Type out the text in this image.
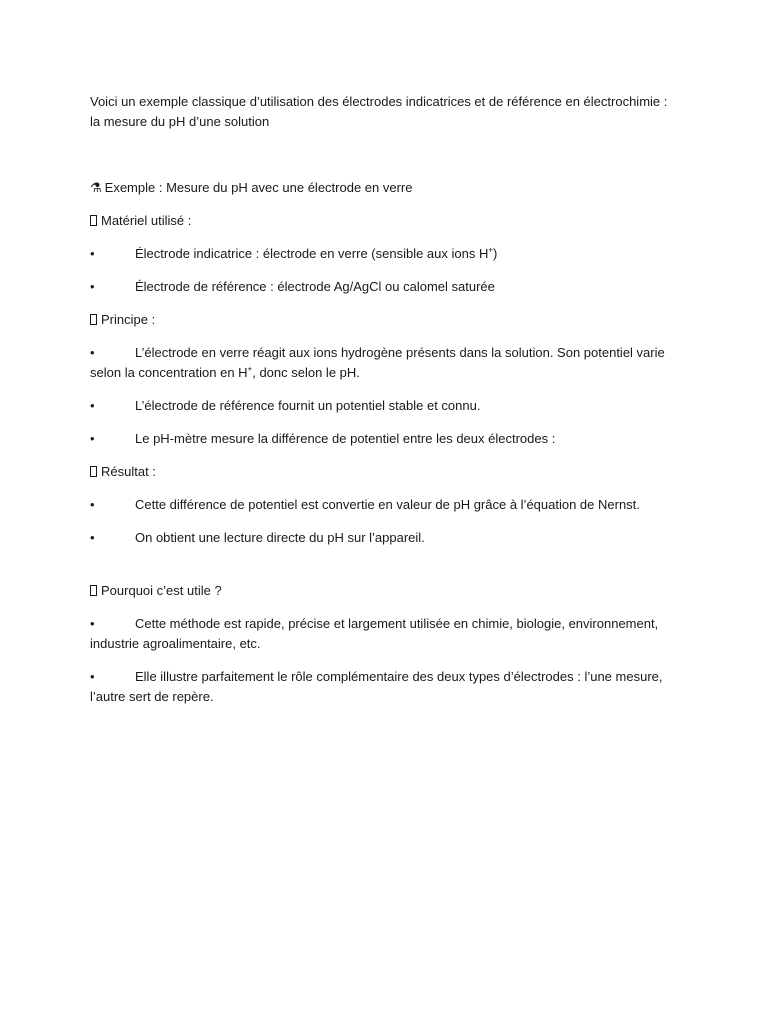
Voici un exemple classique d’utilisation des électrodes indicatrices et de référence en électrochimie : la mesure du pH d’une solution

⚗ Exemple : Mesure du pH avec une électrode en verre

Matériel utilisé :

•	Électrode indicatrice : électrode en verre (sensible aux ions H+)

•	Électrode de référence : électrode Ag/AgCl ou calomel saturée

Principe :

•	L’électrode en verre réagit aux ions hydrogène présents dans la solution. Son potentiel varie selon la concentration en H+, donc selon le pH.

•	L’électrode de référence fournit un potentiel stable et connu.

•	Le pH-mètre mesure la différence de potentiel entre les deux électrodes :

Résultat :

•	Cette différence de potentiel est convertie en valeur de pH grâce à l’équation de Nernst.

•	On obtient une lecture directe du pH sur l’appareil.

Pourquoi c’est utile ?

•	Cette méthode est rapide, précise et largement utilisée en chimie, biologie, environnement, industrie agroalimentaire, etc.

•	Elle illustre parfaitement le rôle complémentaire des deux types d’électrodes : l’une mesure, l’autre sert de repère.
